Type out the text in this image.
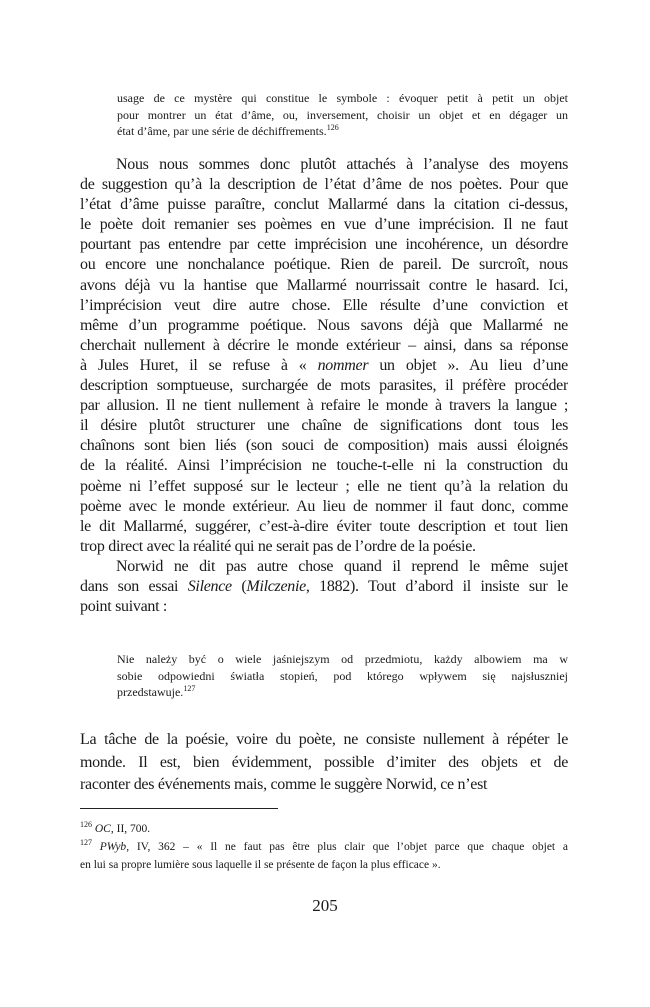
usage de ce mystère qui constitue le symbole : évoquer petit à petit un objet
pour montrer un état d’âme, ou, inversement, choisir un objet et en dégager un
état d’âme, par une série de déchiffrements.$^{126}$
Nous nous sommes donc plutôt attachés à l’analyse des moyens
de suggestion qu’à la description de l’état d’âme de nos poètes. Pour que
l’état d’âme puisse paraître, conclut Mallarmé dans la citation ci-dessus,
le poète doit remanier ses poèmes en vue d’une imprécision. Il ne faut
pourtant pas entendre par cette imprécision une incohérence, un désordre
ou encore une nonchalance poétique. Rien de pareil. De surcroît, nous
avons déjà vu la hantise que Mallarmé nourrissait contre le hasard. Ici,
l’imprécision veut dire autre chose. Elle résulte d’une conviction et
même d’un programme poétique. Nous savons déjà que Mallarmé ne
cherchait nullement à décrire le monde extérieur – ainsi, dans sa réponse
à Jules Huret, il se refuse à « nommer un objet ». Au lieu d’une
description somptueuse, surchargée de mots parasites, il préfère procéder
par allusion. Il ne tient nullement à refaire le monde à travers la langue ;
il désire plutôt structurer une chaîne de significations dont tous les
chaînons sont bien liés (son souci de composition) mais aussi éloignés
de la réalité. Ainsi l’imprécision ne touche-t-elle ni la construction du
poème ni l’effet supposé sur le lecteur ; elle ne tient qu’à la relation du
poème avec le monde extérieur. Au lieu de nommer il faut donc, comme
le dit Mallarmé, suggérer, c’est-à-dire éviter toute description et tout lien
trop direct avec la réalité qui ne serait pas de l’ordre de la poésie.
Norwid ne dit pas autre chose quand il reprend le même sujet
dans son essai Silence (Milczenie, 1882). Tout d’abord il insiste sur le
point suivant :
Nie należy być o wiele jaśniejszym od przedmiotu, każdy albowiem ma w
sobie odpowiedni światła stopień, pod którego wpływem się najsłuszniej
przedstawuje.$^{127}$
La tâche de la poésie, voire du poète, ne consiste nullement à répéter le
monde. Il est, bien évidemment, possible d’imiter des objets et de
raconter des événements mais, comme le suggère Norwid, ce n’est
$^{126}$ OC, II, 700.
$^{127}$ PWyb, IV, 362 – « Il ne faut pas être plus clair que l’objet parce que chaque objet a
en lui sa propre lumière sous laquelle il se présente de façon la plus efficace ».
205
